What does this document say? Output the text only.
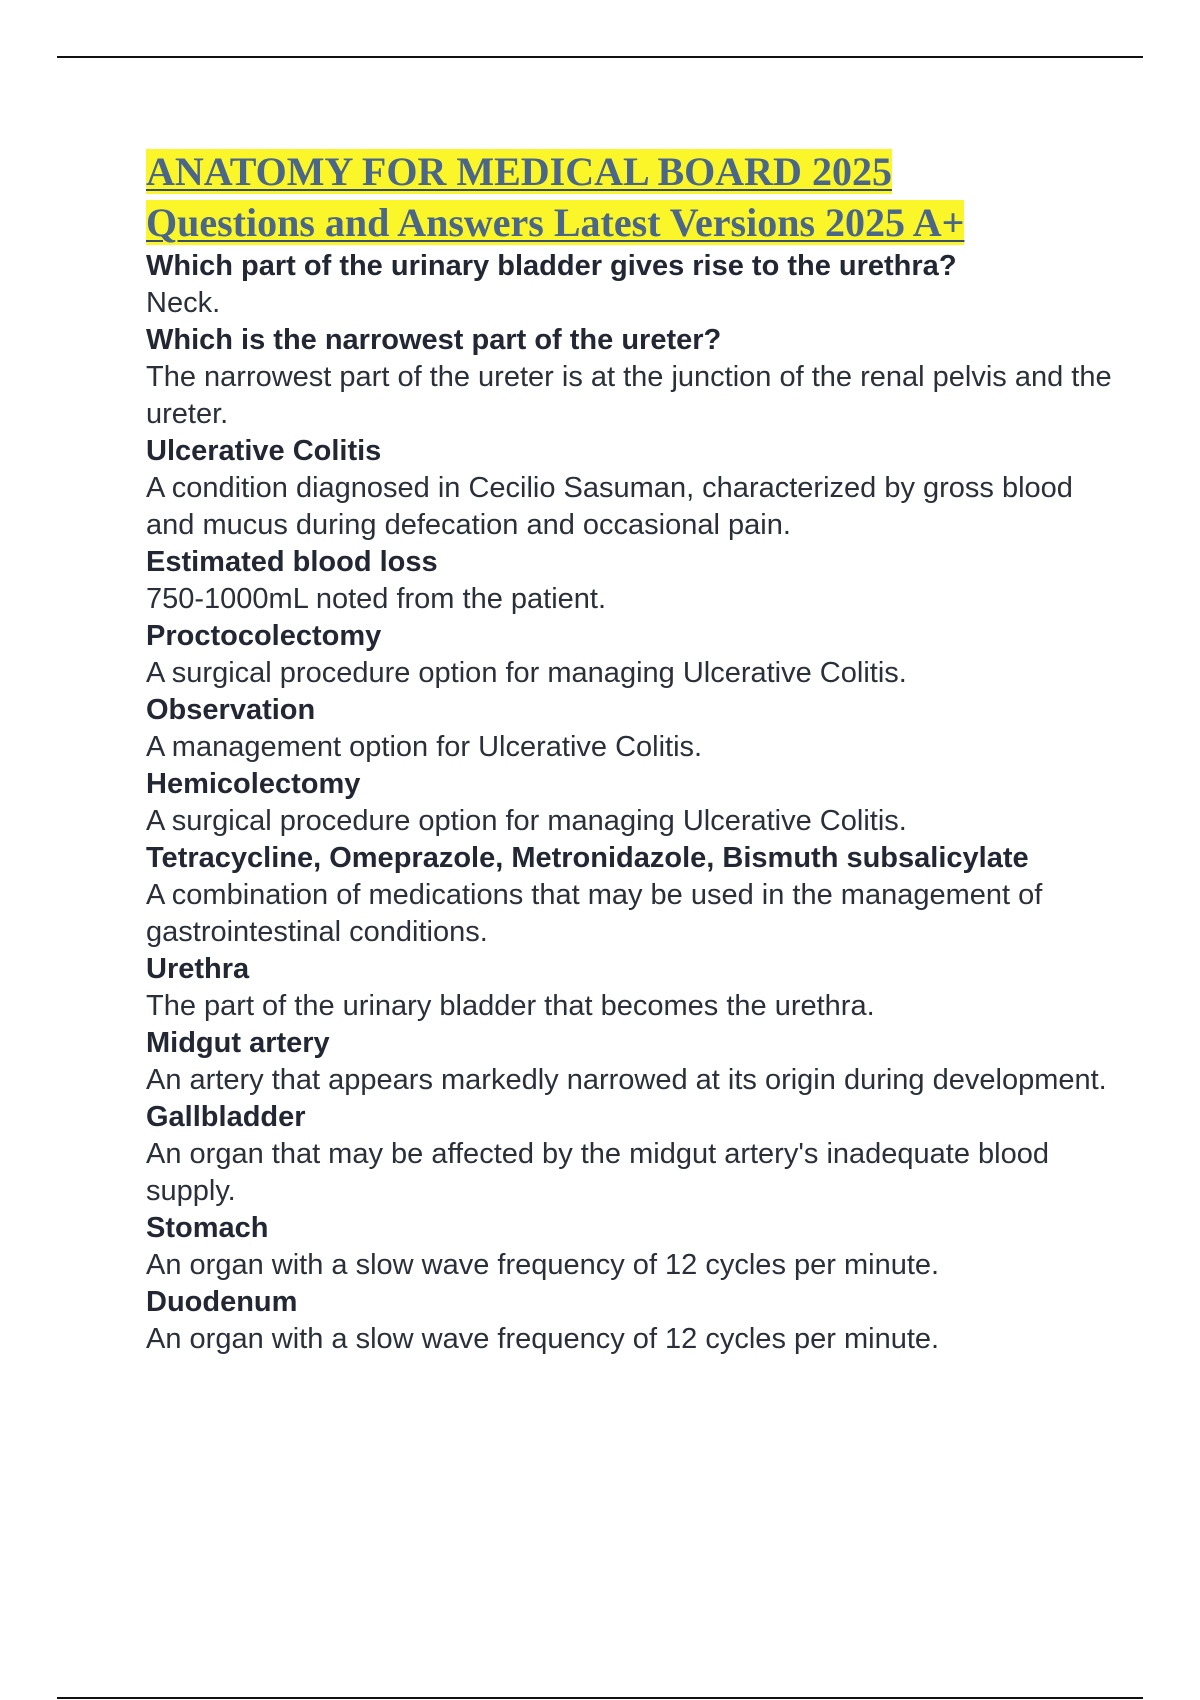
ANATOMY FOR MEDICAL BOARD 2025
Questions and Answers Latest Versions 2025 A+

Which part of the urinary bladder gives rise to the urethra?

Neck.

Which is the narrowest part of the ureter?

The narrowest part of the ureter is at the junction of the renal pelvis and the ureter.

Ulcerative Colitis

A condition diagnosed in Cecilio Sasuman, characterized by gross blood and mucus during defecation and occasional pain.

Estimated blood loss

750-1000mL noted from the patient.

Proctocolectomy

A surgical procedure option for managing Ulcerative Colitis.

Observation

A management option for Ulcerative Colitis.

Hemicolectomy

A surgical procedure option for managing Ulcerative Colitis.

Tetracycline, Omeprazole, Metronidazole, Bismuth subsalicylate

A combination of medications that may be used in the management of gastrointestinal conditions.

Urethra

The part of the urinary bladder that becomes the urethra.

Midgut artery

An artery that appears markedly narrowed at its origin during development.

Gallbladder

An organ that may be affected by the midgut artery's inadequate blood supply.

Stomach

An organ with a slow wave frequency of 12 cycles per minute.

Duodenum

An organ with a slow wave frequency of 12 cycles per minute.
